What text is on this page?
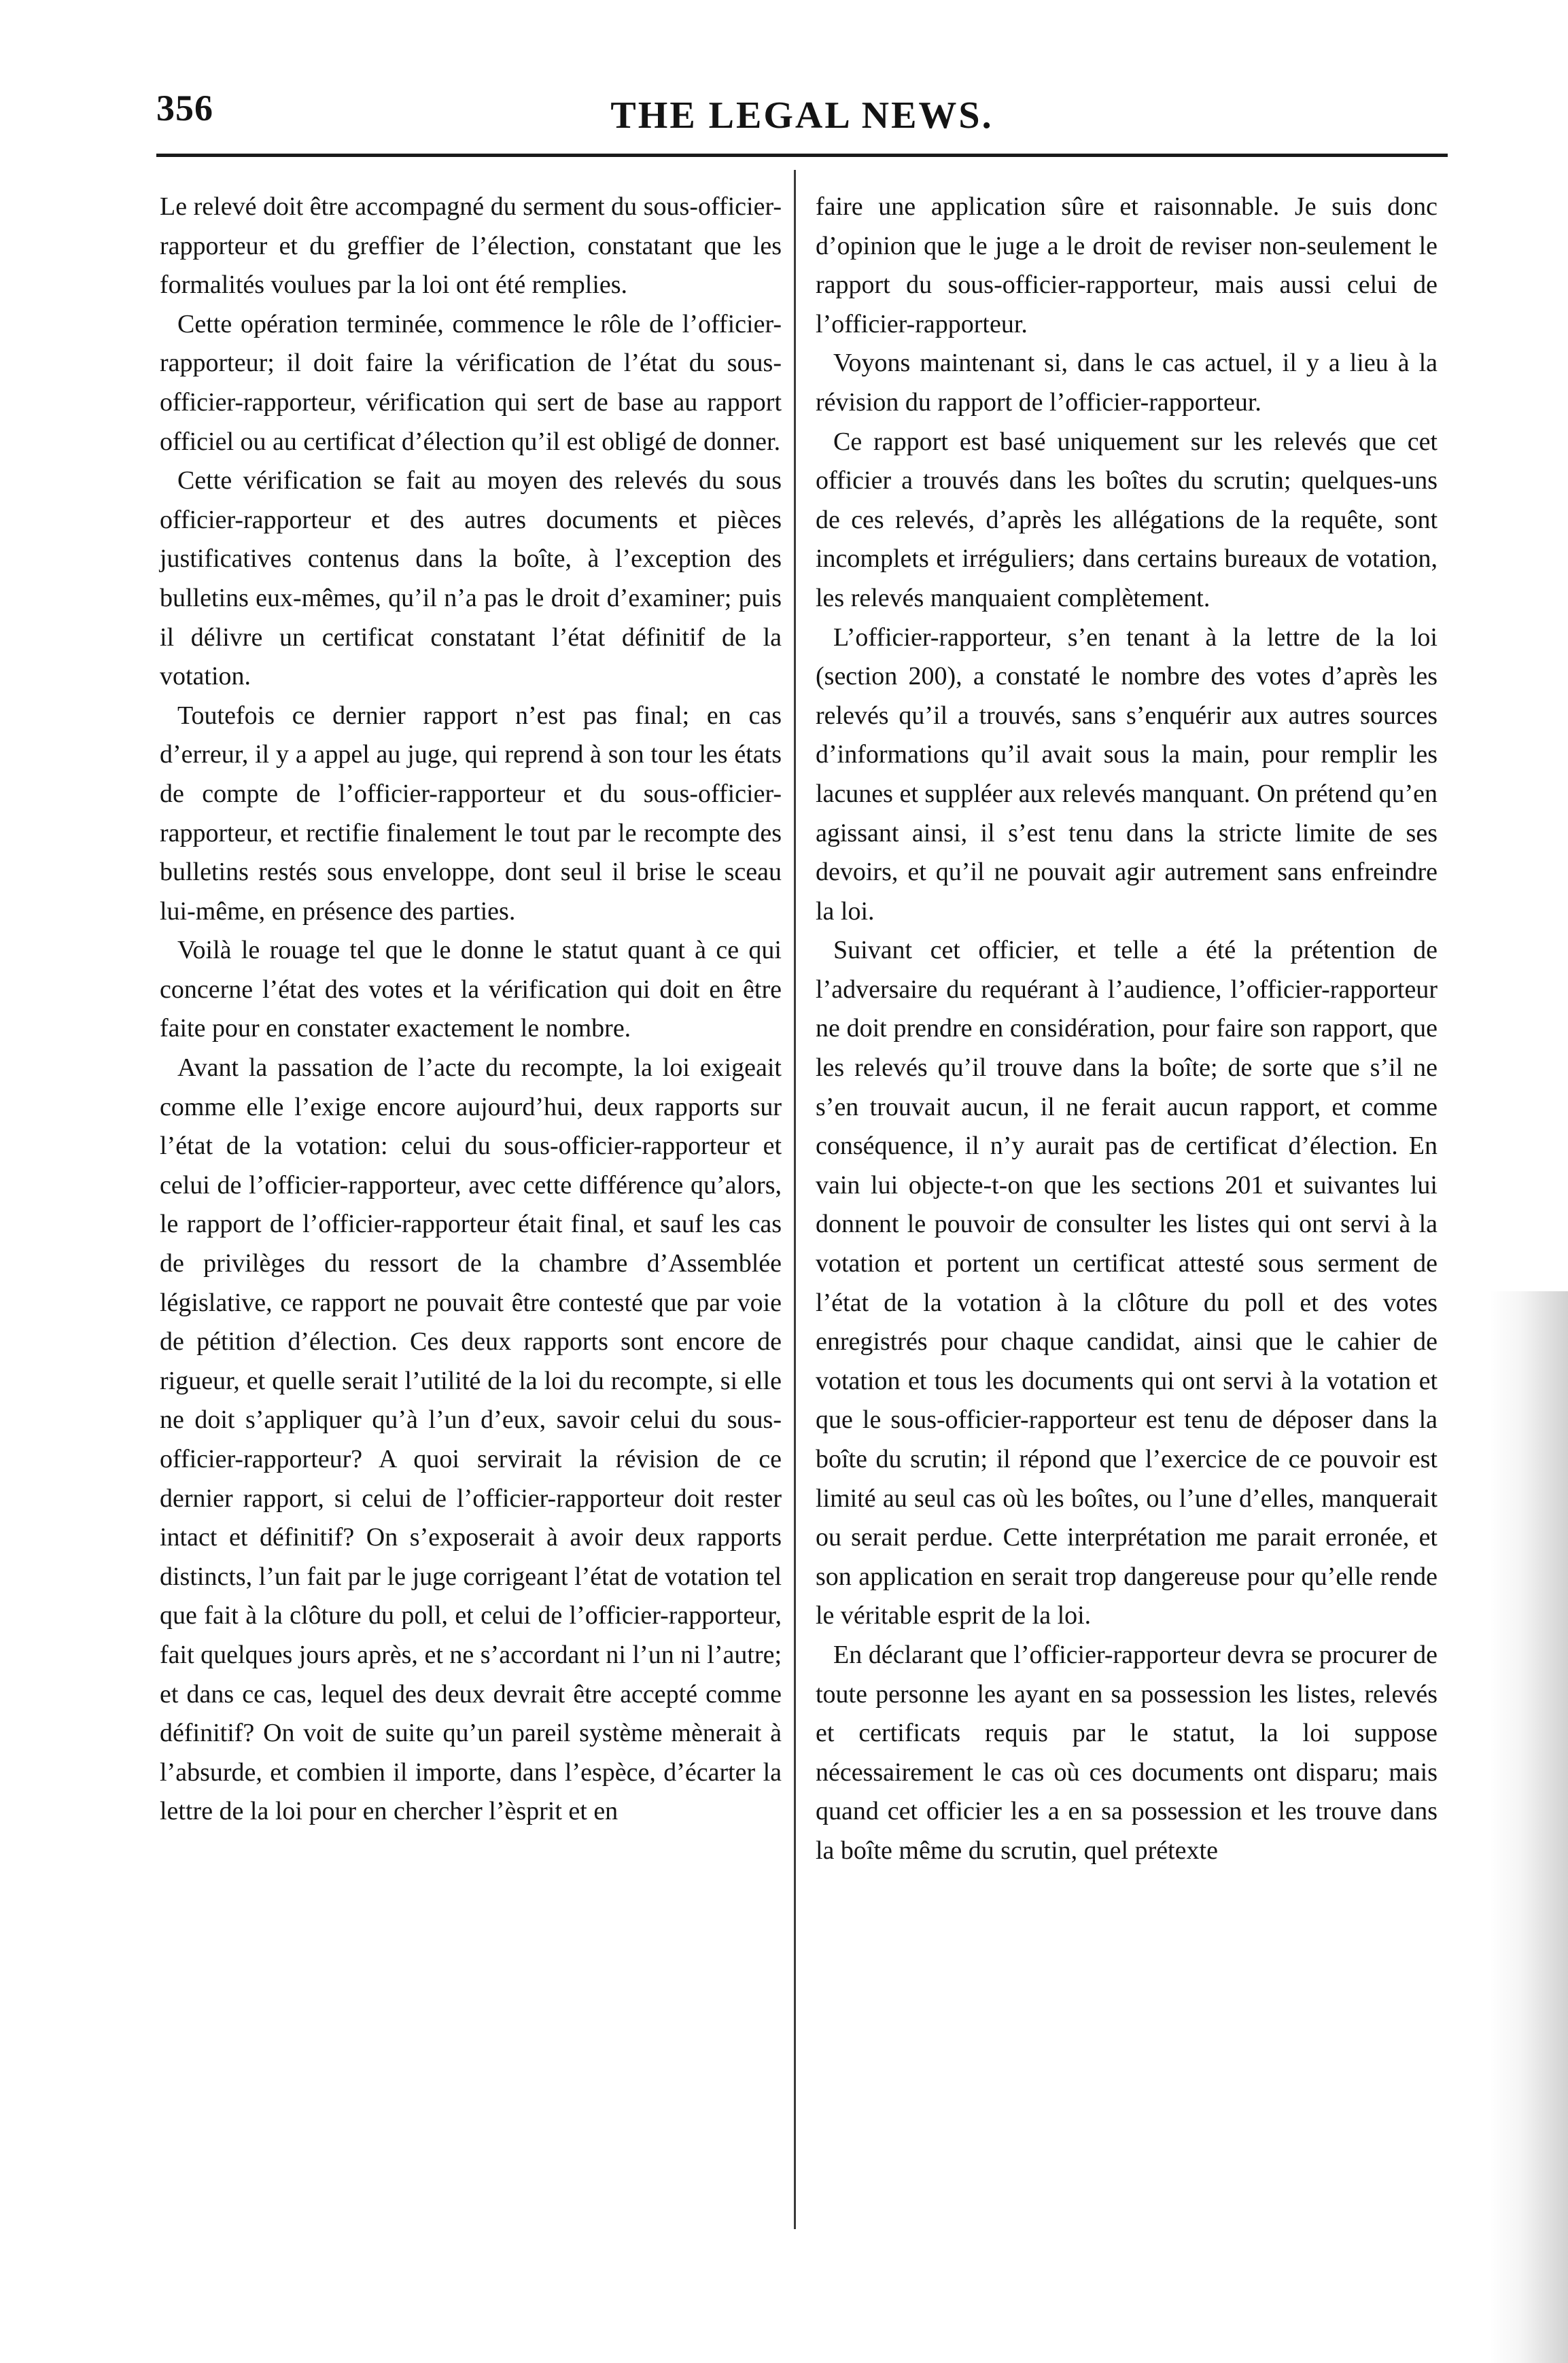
356	THE LEGAL NEWS.

Le relevé doit être accompagné du serment du sous-officier-rapporteur et du greffier de l’élection, constatant que les formalités voulues par la loi ont été remplies.

Cette opération terminée, commence le rôle de l’officier-rapporteur; il doit faire la vérification de l’état du sous-officier-rapporteur, vérification qui sert de base au rapport officiel ou au certificat d’élection qu’il est obligé de donner.

Cette vérification se fait au moyen des relevés du sous officier-rapporteur et des autres documents et pièces justificatives contenus dans la boîte, à l’exception des bulletins eux-mêmes, qu’il n’a pas le droit d’examiner; puis il délivre un certificat constatant l’état définitif de la votation.

Toutefois ce dernier rapport n’est pas final; en cas d’erreur, il y a appel au juge, qui reprend à son tour les états de compte de l’officier-rapporteur et du sous-officier-rapporteur, et rectifie finalement le tout par le recompte des bulletins restés sous enveloppe, dont seul il brise le sceau lui-même, en présence des parties.

Voilà le rouage tel que le donne le statut quant à ce qui concerne l’état des votes et la vérification qui doit en être faite pour en constater exactement le nombre.

Avant la passation de l’acte du recompte, la loi exigeait comme elle l’exige encore aujourd’hui, deux rapports sur l’état de la votation: celui du sous-officier-rapporteur et celui de l’officier-rapporteur, avec cette différence qu’alors, le rapport de l’officier-rapporteur était final, et sauf les cas de privilèges du ressort de la chambre d’Assemblée législative, ce rapport ne pouvait être contesté que par voie de pétition d’élection. Ces deux rapports sont encore de rigueur, et quelle serait l’utilité de la loi du recompte, si elle ne doit s’appliquer qu’à l’un d’eux, savoir celui du sous-officier-rapporteur? A quoi servirait la révision de ce dernier rapport, si celui de l’officier-rapporteur doit rester intact et définitif? On s’exposerait à avoir deux rapports distincts, l’un fait par le juge corrigeant l’état de votation tel que fait à la clôture du poll, et celui de l’officier-rapporteur, fait quelques jours après, et ne s’accordant ni l’un ni l’autre; et dans ce cas, lequel des deux devrait être accepté comme définitif? On voit de suite qu’un pareil système mènerait à l’absurde, et combien il importe, dans l’espèce, d’écarter la lettre de la loi pour en chercher l’èsprit et en

faire une application sûre et raisonnable. Je suis donc d’opinion que le juge a le droit de reviser non-seulement le rapport du sous-officier-rapporteur, mais aussi celui de l’officier-rapporteur.

Voyons maintenant si, dans le cas actuel, il y a lieu à la révision du rapport de l’officier-rapporteur.

Ce rapport est basé uniquement sur les relevés que cet officier a trouvés dans les boîtes du scrutin; quelques-uns de ces relevés, d’après les allégations de la requête, sont incomplets et irréguliers; dans certains bureaux de votation, les relevés manquaient complètement.

L’officier-rapporteur, s’en tenant à la lettre de la loi (section 200), a constaté le nombre des votes d’après les relevés qu’il a trouvés, sans s’enquérir aux autres sources d’informations qu’il avait sous la main, pour remplir les lacunes et suppléer aux relevés manquant. On prétend qu’en agissant ainsi, il s’est tenu dans la stricte limite de ses devoirs, et qu’il ne pouvait agir autrement sans enfreindre la loi.

Suivant cet officier, et telle a été la prétention de l’adversaire du requérant à l’audience, l’officier-rapporteur ne doit prendre en considération, pour faire son rapport, que les relevés qu’il trouve dans la boîte; de sorte que s’il ne s’en trouvait aucun, il ne ferait aucun rapport, et comme conséquence, il n’y aurait pas de certificat d’élection. En vain lui objecte-t-on que les sections 201 et suivantes lui donnent le pouvoir de consulter les listes qui ont servi à la votation et portent un certificat attesté sous serment de l’état de la votation à la clôture du poll et des votes enregistrés pour chaque candidat, ainsi que le cahier de votation et tous les documents qui ont servi à la votation et que le sous-officier-rapporteur est tenu de déposer dans la boîte du scrutin; il répond que l’exercice de ce pouvoir est limité au seul cas où les boîtes, ou l’une d’elles, manquerait ou serait perdue. Cette interprétation me parait erronée, et son application en serait trop dangereuse pour qu’elle rende le véritable esprit de la loi.

En déclarant que l’officier-rapporteur devra se procurer de toute personne les ayant en sa possession les listes, relevés et certificats requis par le statut, la loi suppose nécessairement le cas où ces documents ont disparu; mais quand cet officier les a en sa possession et les trouve dans la boîte même du scrutin, quel prétexte
